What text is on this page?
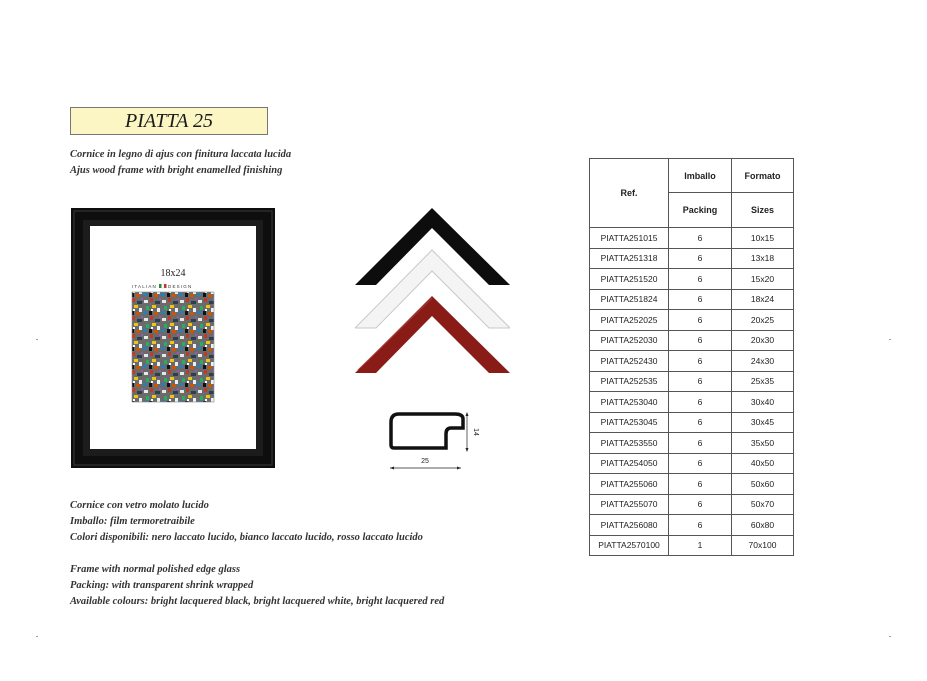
PIATTA 25
Cornice in legno di ajus con finitura laccata lucida
Ajus wood frame with bright enamelled finishing
18x24
ITALIAN DESIGN
14
25
Ref.	Imballo	Formato
	Packing	Sizes
PIATTA251015	6	10x15
PIATTA251318	6	13x18
PIATTA251520	6	15x20
PIATTA251824	6	18x24
PIATTA252025	6	20x25
PIATTA252030	6	20x30
PIATTA252430	6	24x30
PIATTA252535	6	25x35
PIATTA253040	6	30x40
PIATTA253045	6	30x45
PIATTA253550	6	35x50
PIATTA254050	6	40x50
PIATTA255060	6	50x60
PIATTA255070	6	50x70
PIATTA256080	6	60x80
PIATTA2570100	1	70x100
Cornice con vetro molato lucido
Imballo: film termoretraibile
Colori disponibili: nero laccato lucido, bianco laccato lucido, rosso laccato lucido
Frame with normal polished edge glass
Packing: with transparent shrink wrapped
Available colours: bright lacquered black, bright lacquered white, bright lacquered red
